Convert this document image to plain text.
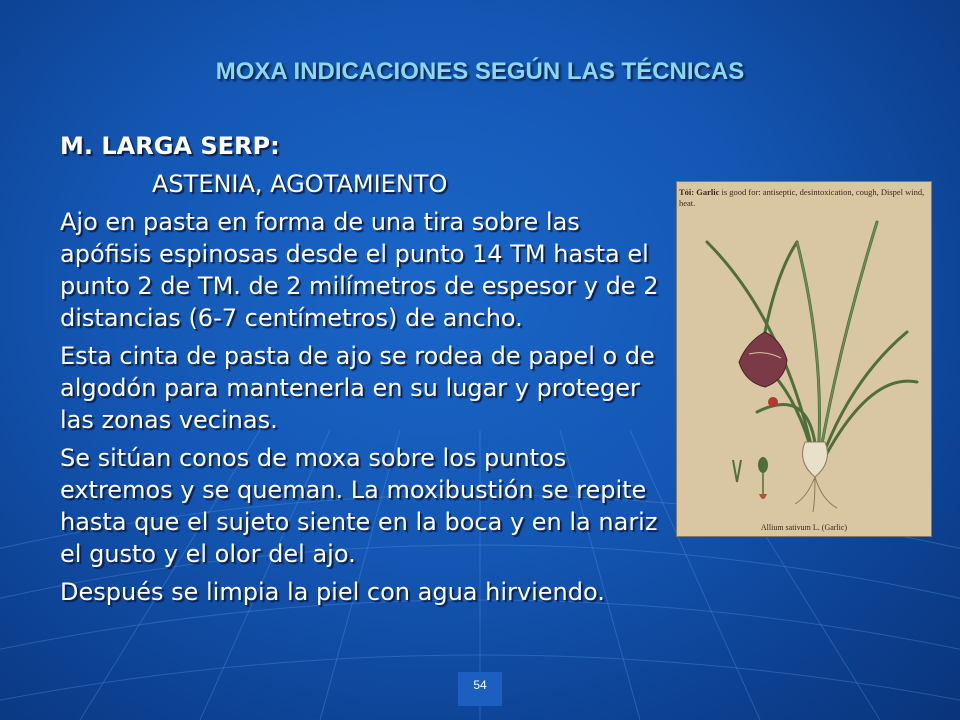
MOXA INDICACIONES SEGÚN LAS TÉCNICAS
M. LARGA SERP:
ASTENIA, AGOTAMIENTO
Ajo en pasta en forma de una tira sobre las apófisis espinosas desde el punto 14 TM hasta el punto 2 de TM. de 2 milímetros de espesor y de 2 distancias (6-7 centímetros) de ancho.
Esta cinta de pasta de ajo se rodea de papel o de algodón para mantenerla en su lugar y proteger las zonas vecinas.
Se sitúan conos de moxa sobre los puntos extremos y se queman. La moxibustión se repite hasta que el sujeto siente en la boca y en la nariz el gusto y el olor del ajo.
Después se limpia la piel con agua hirviendo.
Tỏi: Garlic is good for: antiseptic, desintoxication, cough, Dispel wind, heat.
Allium sativum L. (Garlic)
54
